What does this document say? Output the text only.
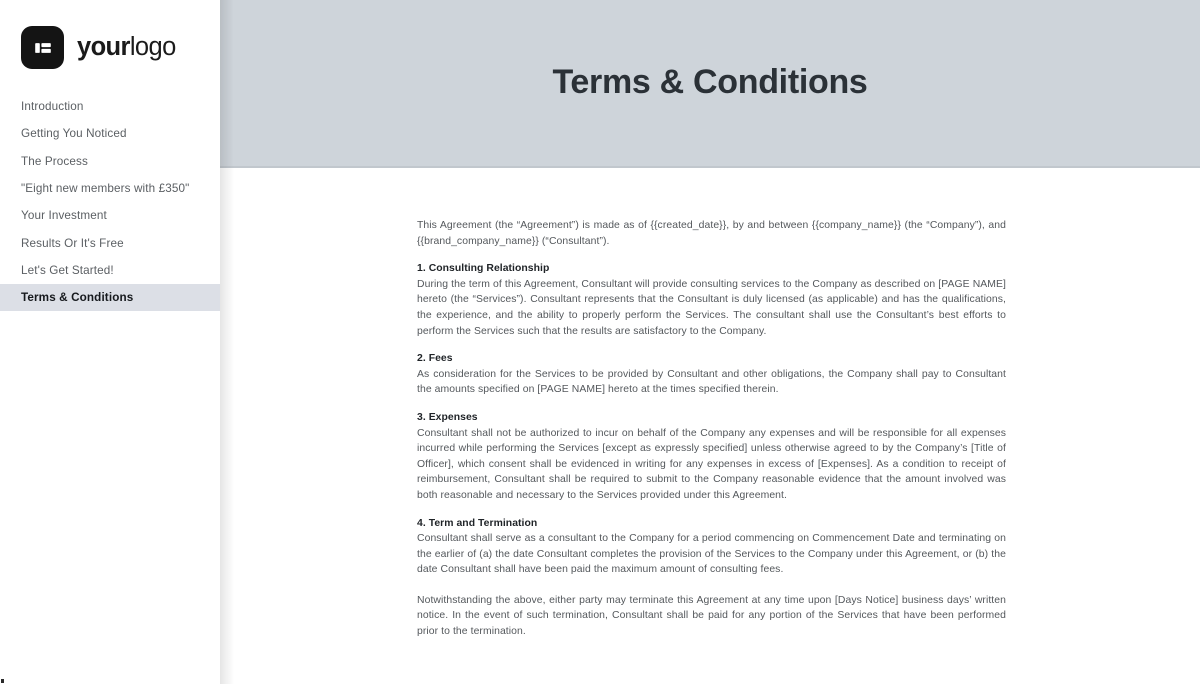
yourlogo
Introduction
Getting You Noticed
The Process
"Eight new members with £350"
Your Investment
Results Or It's Free
Let's Get Started!
Terms & Conditions
Terms & Conditions

This Agreement (the “Agreement”) is made as of {{created_date}}, by and between {{company_name}} (the “Company”), and {{brand_company_name}} (“Consultant”).

1. Consulting Relationship

During the term of this Agreement, Consultant will provide consulting services to the Company as described on [PAGE NAME] hereto (the “Services”). Consultant represents that the Consultant is duly licensed (as applicable) and has the qualifications, the experience, and the ability to properly perform the Services. The consultant shall use the Consultant’s best efforts to perform the Services such that the results are satisfactory to the Company.

2. Fees

As consideration for the Services to be provided by Consultant and other obligations, the Company shall pay to Consultant the amounts specified on [PAGE NAME] hereto at the times specified therein.

3. Expenses

Consultant shall not be authorized to incur on behalf of the Company any expenses and will be responsible for all expenses incurred while performing the Services [except as expressly specified] unless otherwise agreed to by the Company’s [Title of Officer], which consent shall be evidenced in writing for any expenses in excess of [Expenses]. As a condition to receipt of reimbursement, Consultant shall be required to submit to the Company reasonable evidence that the amount involved was both reasonable and necessary to the Services provided under this Agreement.

4. Term and Termination

Consultant shall serve as a consultant to the Company for a period commencing on Commencement Date and terminating on the earlier of (a) the date Consultant completes the provision of the Services to the Company under this Agreement, or (b) the date Consultant shall have been paid the maximum amount of consulting fees.

Notwithstanding the above, either party may terminate this Agreement at any time upon [Days Notice] business days’ written notice. In the event of such termination, Consultant shall be paid for any portion of the Services that have been performed prior to the termination.
